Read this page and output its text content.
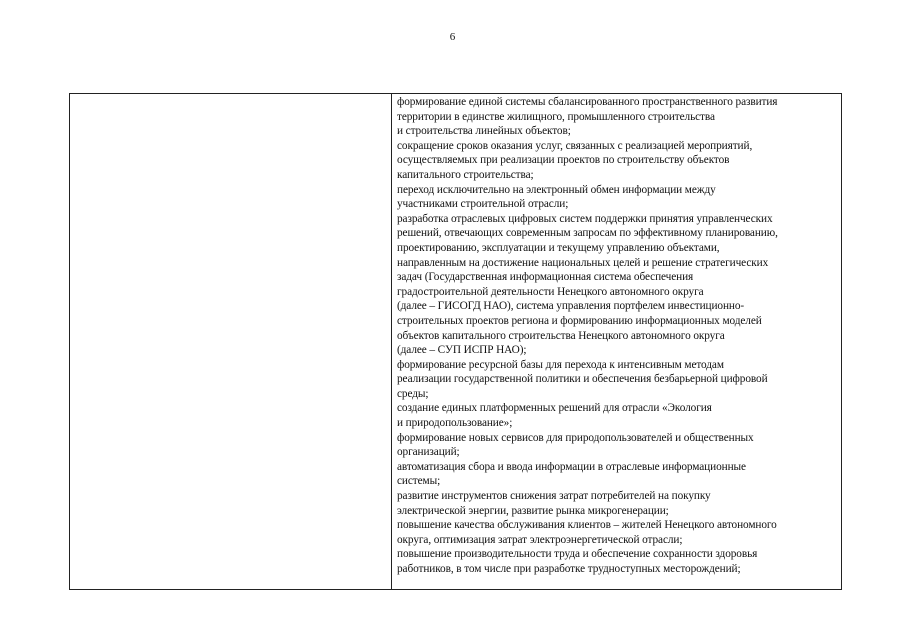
6
формирование единой системы сбалансированного пространственного развития
территории в единстве жилищного, промышленного строительства
и строительства линейных объектов;
сокращение сроков оказания услуг, связанных с реализацией мероприятий,
осуществляемых при реализации проектов по строительству объектов
капитального строительства;
переход исключительно на электронный обмен информации между
участниками строительной отрасли;
разработка отраслевых цифровых систем поддержки принятия управленческих
решений, отвечающих современным запросам по эффективному планированию,
проектированию, эксплуатации и текущему управлению объектами,
направленным на достижение национальных целей и решение стратегических
задач (Государственная информационная система обеспечения
градостроительной деятельности Ненецкого автономного округа
(далее – ГИСОГД НАО), система управления портфелем инвестиционно-
строительных проектов региона и формированию информационных моделей
объектов капитального строительства Ненецкого автономного округа
(далее – СУП ИСПР НАО);
формирование ресурсной базы для перехода к интенсивным методам
реализации государственной политики и обеспечения безбарьерной цифровой
среды;
создание единых платформенных решений для отрасли «Экология
и природопользование»;
формирование новых сервисов для природопользователей и общественных
организаций;
автоматизация сбора и ввода информации в отраслевые информационные
системы;
развитие инструментов снижения затрат потребителей на покупку
электрической энергии, развитие рынка микрогенерации;
повышение качества обслуживания клиентов – жителей Ненецкого автономного
округа, оптимизация затрат электроэнергетической отрасли;
повышение производительности труда и обеспечение сохранности здоровья
работников, в том числе при разработке трудноступных месторождений;
